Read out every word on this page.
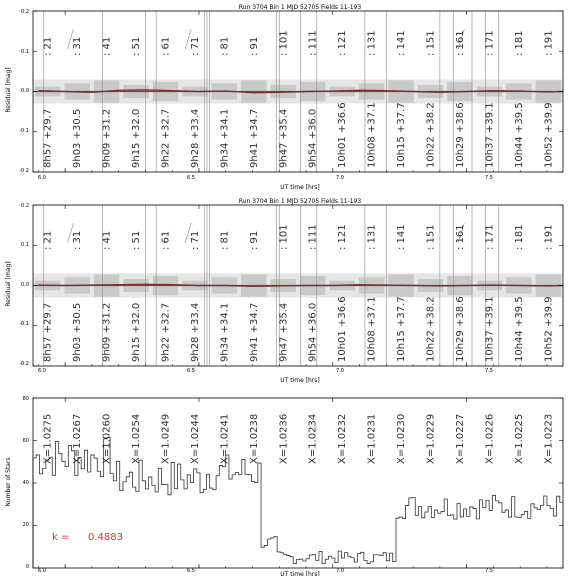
Run 3704 Bin 1 MJD 52705 Fields 11-193
Residual [mag]
0.2
0.1
0.0
-0.1
-0.2
6.0	6.5	7.0	7.5
UT time [hrs]
: 21
8h57 +29.7
: 31
9h03 +30.5
: 41
9h09 +31.2
: 51
9h15 +32.0
: 61
9h22 +32.7
: 71
9h28 +33.4
: 81
9h34 +34.1
: 91
9h41 +34.7
: 101
9h47 +35.4
: 111
9h54 +36.0
: 121
10h01 +36.6
: 131
10h08 +37.1
: 141
10h15 +37.7
: 151
10h22 +38.2
: 161
10h29 +38.6
: 171
10h37 +39.1
: 181
10h44 +39.5
: 191
10h52 +39.9
Run 3704 Bin 1 MJD 52705 Fields 11-193
Residual [mag]
0.2
0.1
0.0
-0.1
-0.2
6.0	6.5	7.0	7.5
UT time [hrs]
: 21
8h57 +29.7
: 31
9h03 +30.5
: 41
9h09 +31.2
: 51
9h15 +32.0
: 61
9h22 +32.7
: 71
9h28 +33.4
: 81
9h34 +34.1
: 91
9h41 +34.7
: 101
9h47 +35.4
: 111
9h54 +36.0
: 121
10h01 +36.6
: 131
10h08 +37.1
: 141
10h15 +37.7
: 151
10h22 +38.2
: 161
10h29 +38.6
: 171
10h37 +39.1
: 181
10h44 +39.5
: 191
10h52 +39.9
Number of Stars
80
60
40
20
0
6.0	6.5	7.0	7.5
UT time [hrs]
k = 0.4883
X=1.0275 X=1.0267 X=1.0260 X=1.0254 X=1.0249 X=1.0244 X=1.0241 X=1.0238 X=1.0236 X=1.0234 X=1.0232 X=1.0231 X=1.0230 X=1.0229 X=1.0227 X=1.0226 X=1.0225 X=1.0223
